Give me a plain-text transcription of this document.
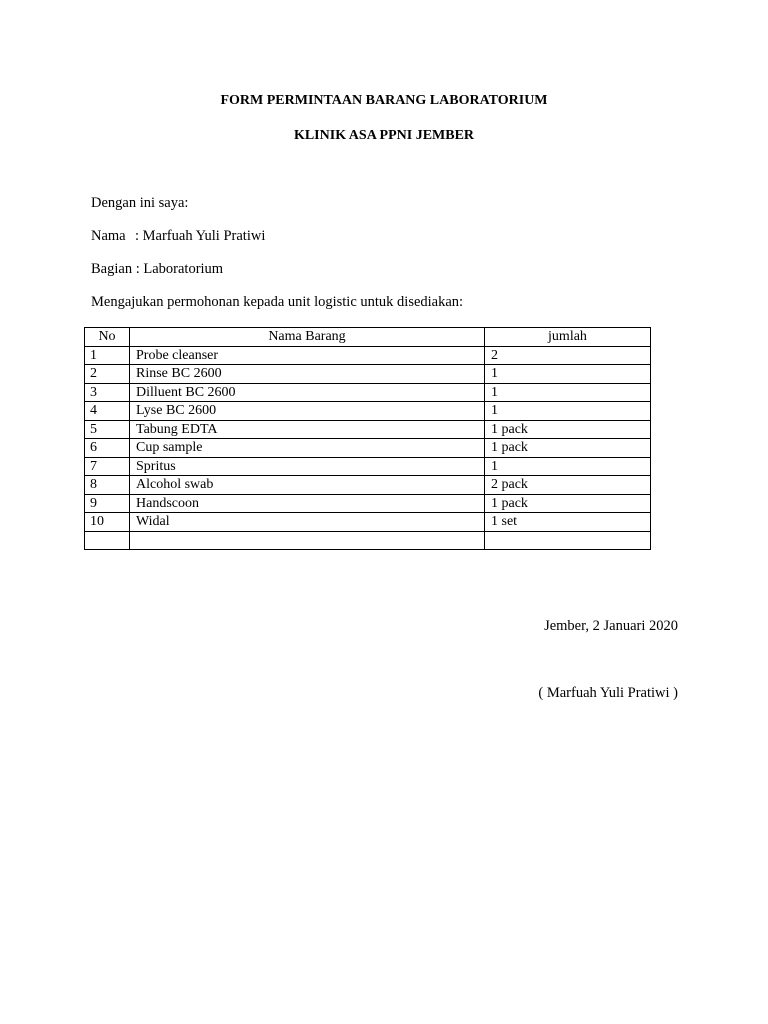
FORM PERMINTAAN BARANG LABORATORIUM
KLINIK ASA PPNI JEMBER
Dengan ini saya:
Nama : Marfuah Yuli Pratiwi
Bagian : Laboratorium
Mengajukan permohonan kepada unit logistic untuk disediakan:
No	Nama Barang	jumlah
1	Probe cleanser	2
2	Rinse BC 2600	1
3	Dilluent BC 2600	1
4	Lyse BC 2600	1
5	Tabung EDTA	1 pack
6	Cup sample	1 pack
7	Spritus	1
8	Alcohol swab	2 pack
9	Handscoon	1 pack
10	Widal	1 set

Jember, 2 Januari 2020
( Marfuah Yuli Pratiwi )
